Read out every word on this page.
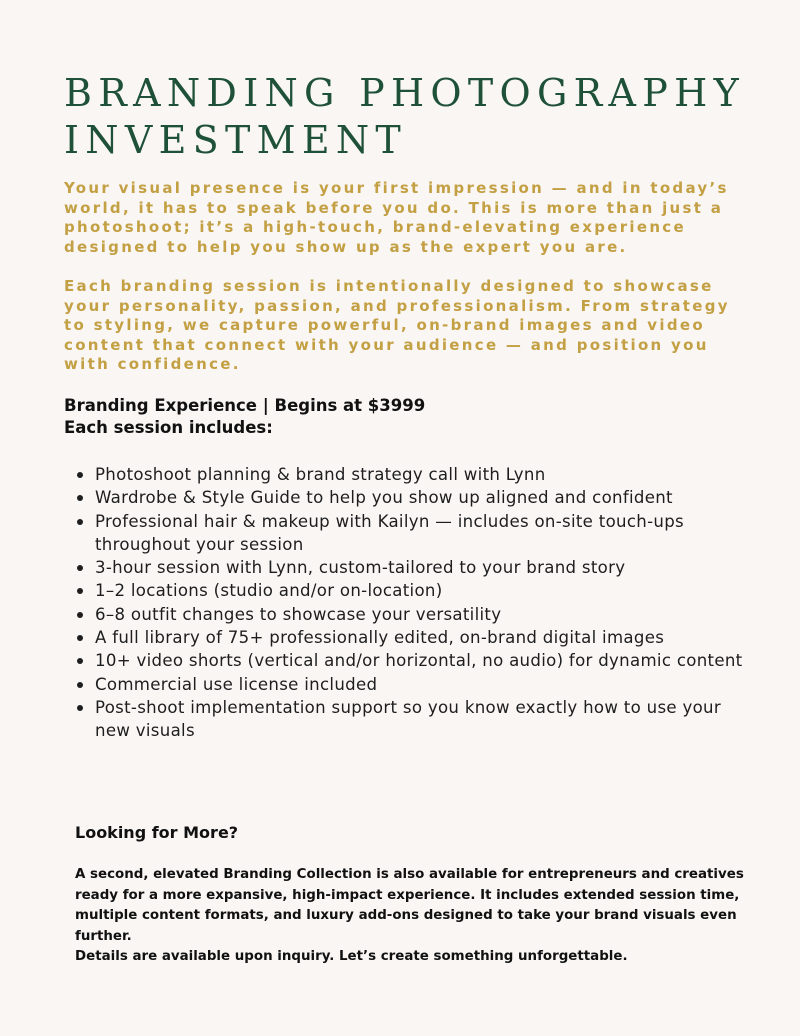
BRANDING PHOTOGRAPHY INVESTMENT

Your visual presence is your first impression — and in today’s world, it has to speak before you do. This is more than just a photoshoot; it’s a high-touch, brand-elevating experience designed to help you show up as the expert you are.

Each branding session is intentionally designed to showcase your personality, passion, and professionalism. From strategy to styling, we capture powerful, on-brand images and video content that connect with your audience — and position you with confidence.

Branding Experience | Begins at $3999
Each session includes:
Photoshoot planning & brand strategy call with Lynn
Wardrobe & Style Guide to help you show up aligned and confident
Professional hair & makeup with Kailyn — includes on-site touch-ups throughout your session
3-hour session with Lynn, custom-tailored to your brand story
1–2 locations (studio and/or on-location)
6–8 outfit changes to showcase your versatility
A full library of 75+ professionally edited, on-brand digital images
10+ video shorts (vertical and/or horizontal, no audio) for dynamic content
Commercial use license included
Post-shoot implementation support so you know exactly how to use your new visuals
Looking for More?

A second, elevated Branding Collection is also available for entrepreneurs and creatives ready for a more expansive, high-impact experience. It includes extended session time, multiple content formats, and luxury add-ons designed to take your brand visuals even further.
Details are available upon inquiry. Let’s create something unforgettable.
